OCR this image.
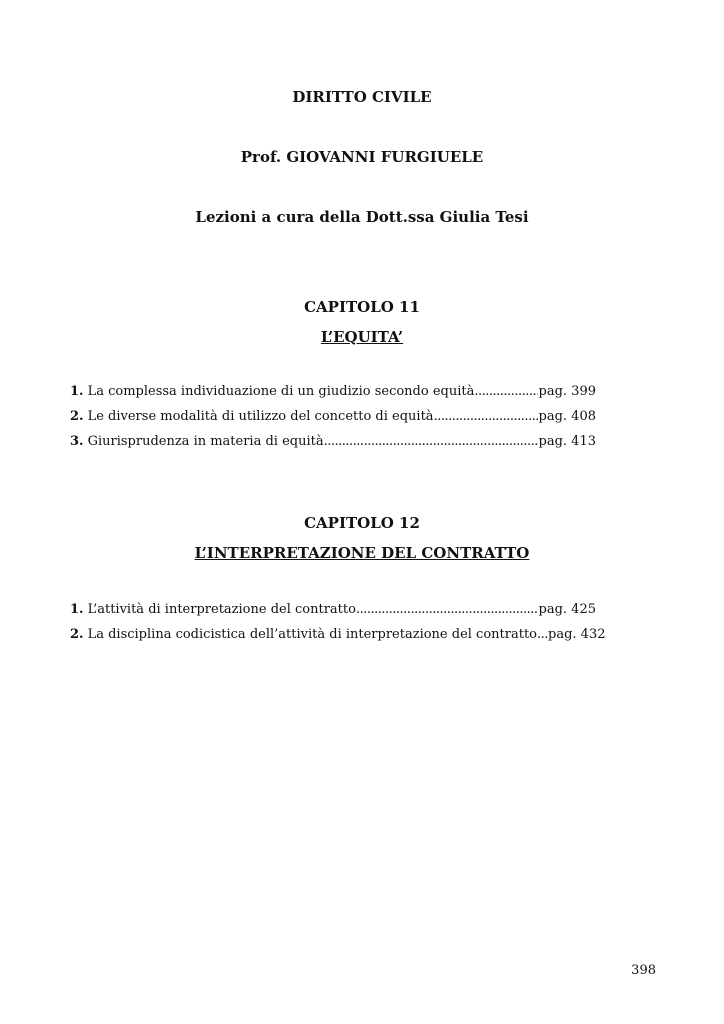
DIRITTO CIVILE
Prof. GIOVANNI FURGIUELE
Lezioni a cura della Dott.ssa Giulia Tesi
CAPITOLO 11
L’EQUITA’
1. La complessa individuazione di un giudizio secondo equità .....	pag. 399
2. Le diverse modalità di utilizzo del concetto di equità .....	pag. 408
3. Giurisprudenza in materia di equità .....	pag. 413
CAPITOLO 12
L’INTERPRETAZIONE DEL CONTRATTO
1. L’attività di interpretazione del contratto .....	pag. 425
2. La disciplina codicistica dell’attività di interpretazione del contratto ..... pag. 432
398
